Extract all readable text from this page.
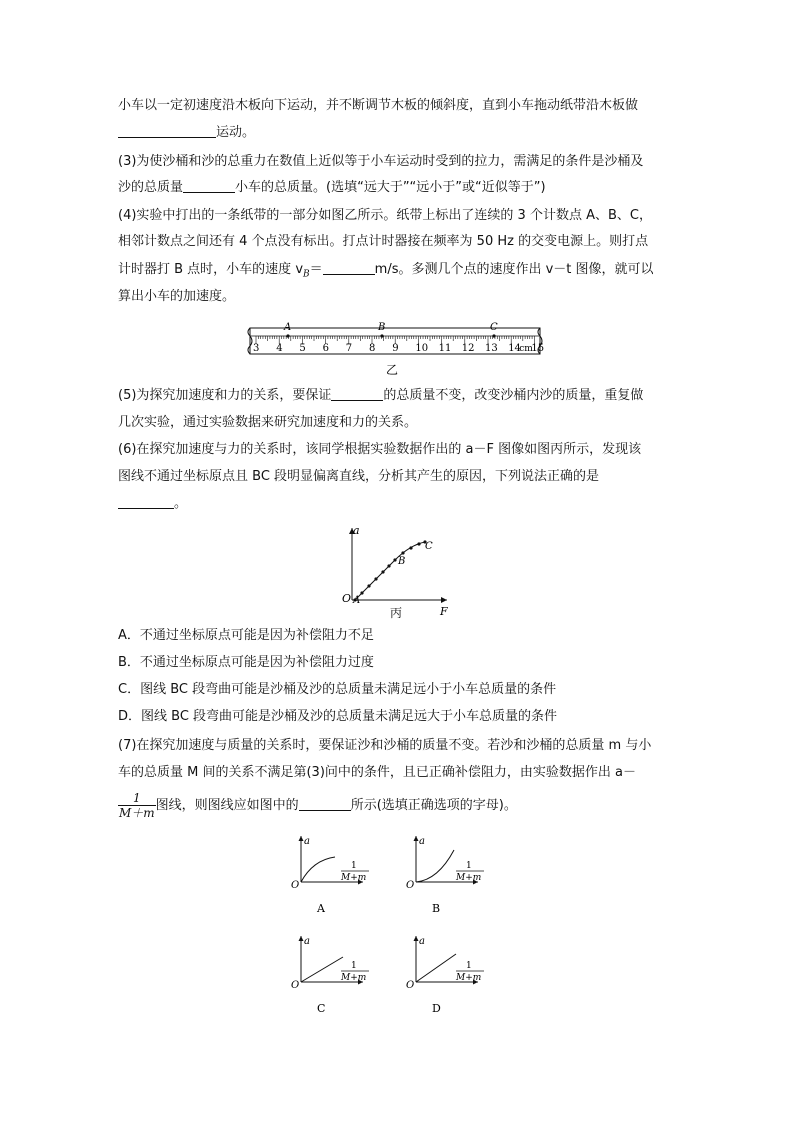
小车以一定初速度沿木板向下运动，并不断调节木板的倾斜度，直到小车拖动纸带沿木板做
运动。
(3)为使沙桶和沙的总重力在数值上近似等于小车运动时受到的拉力，需满足的条件是沙桶及
沙的总质量	小车的总质量。(选填“远大于”“远小于”或“近似等于”)
(4)实验中打出的一条纸带的一部分如图乙所示。纸带上标出了连续的 3 个计数点 A、B、C，
相邻计数点之间还有 4 个点没有标出。打点计时器接在频率为 50 Hz 的交变电源上。则打点
计时器打 B 点时，小车的速度 $v_B=$	m/s。多测几个点的速度作出 v－t 图像，就可以
算出小车的加速度。
3 4 5 6 7 8 9 10 11 12 13 14 15
cm
A	B	C
乙
(5)为探究加速度和力的关系，要保证	的总质量不变，改变沙桶内沙的质量，重复做
几次实验，通过实验数据来研究加速度和力的关系。
(6)在探究加速度与力的关系时，该同学根据实验数据作出的 a－F 图像如图丙所示，发现该
图线不通过坐标原点且 BC 段明显偏离直线，分析其产生的原因，下列说法正确的是
。
a
F
O A
B
C
丙
A．不通过坐标原点可能是因为补偿阻力不足
B．不通过坐标原点可能是因为补偿阻力过度
C．图线 BC 段弯曲可能是沙桶及沙的总质量未满足远小于小车总质量的条件
D．图线 BC 段弯曲可能是沙桶及沙的总质量未满足远大于小车总质量的条件
(7)在探究加速度与质量的关系时，要保证沙和沙桶的质量不变。若沙和沙桶的总质量 m 与小
车的总质量 M 间的关系不满足第(3)问中的条件，且已正确补偿阻力，由实验数据作出 a－
$\frac{1}{M+m}$ 图线，则图线应如图中的	所示(选填正确选项的字母)。
a
O
1
M+m
A
a
O
1
M+m
B
a
O
1
M+m
C
a
O
1
M+m
D
